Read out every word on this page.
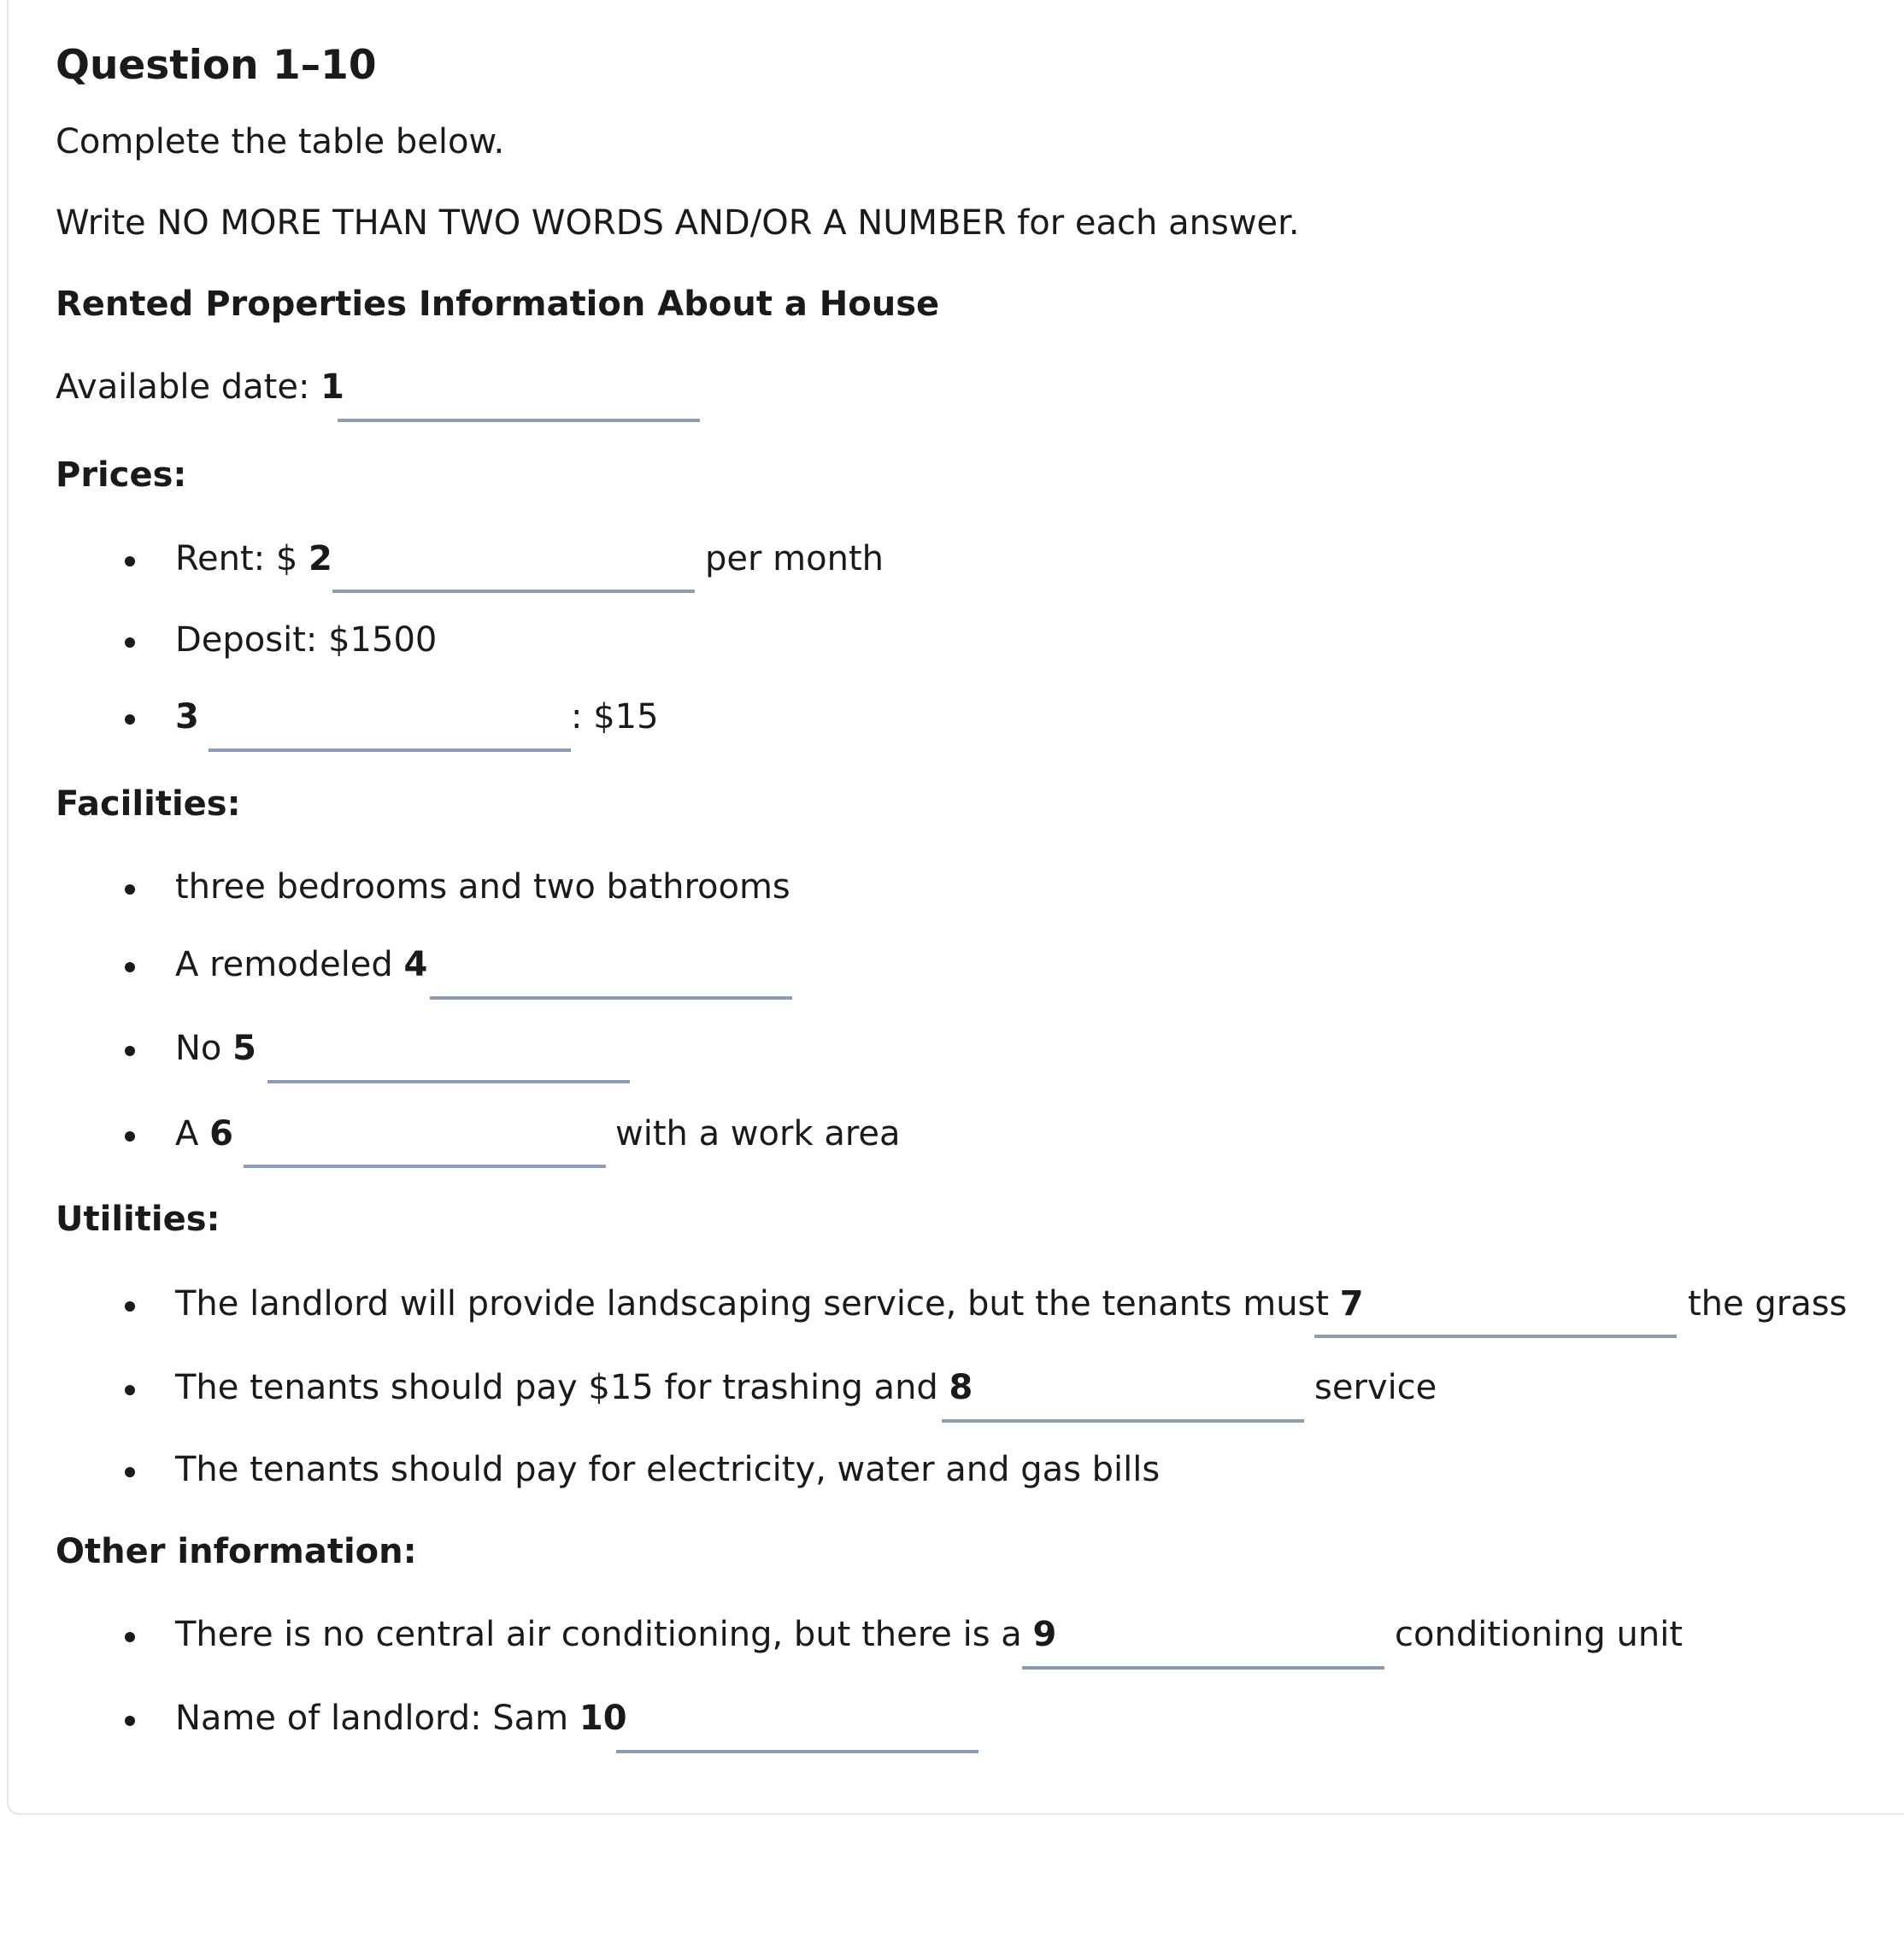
Question 1–10
Complete the table below.
Write NO MORE THAN TWO WORDS AND/OR A NUMBER for each answer.
Rented Properties Information About a House
Available date: 1
Prices:
Rent: $ 2	per month
Deposit: $1500
3	: $15
Facilities:
three bedrooms and two bathrooms
A remodeled 4
No 5
A 6	with a work area
Utilities:
The landlord will provide landscaping service, but the tenants must 7	the grass
The tenants should pay $15 for trashing and 8	service
The tenants should pay for electricity, water and gas bills
Other information:
There is no central air conditioning, but there is a 9	conditioning unit
Name of landlord: Sam 10
